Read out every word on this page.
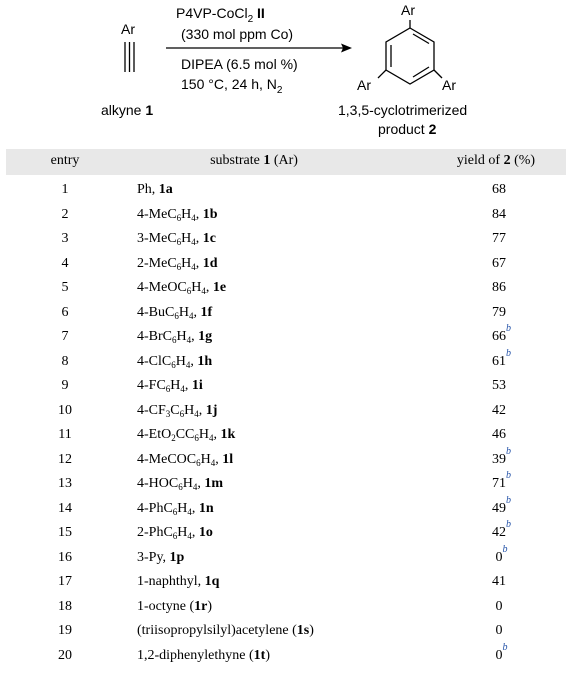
Ar
alkyne 1
P4VP-CoCl$_2$ II
(330 mol ppm Co)
DIPEA (6.5 mol %)
150 °C, 24 h, $N_2$
Ar
Ar	Ar
1,3,5-cyclotrimerized
product 2
entry	substrate 1 (Ar)	yield of 2 (%)
1	Ph, 1a	68
2	$4-MeC_6H_4$, 1b	84
3	$3-MeC_6H_4$, 1c	77
4	$2-MeC_6H_4$, 1d	67
5	$4-MeOC_6H_4$, 1e	86
6	$4-BuC_6H_4$, 1f	79
7	$4-BrC_6H_4$, 1g	66
b
8	$4-ClC_6H_4$, 1h	61
b
9	$4-FC_6H_4$, 1i	53
10	$4-CF_3C_6H_4$, 1j	42
11	$4-EtO_2CC_6H_4$, 1k	46
12	$4-MeCOC_6H_4$, 1l	39
b
13	$4-HOC_6H_4$, 1m	71
b
14	$4-PhC_6H_4$, 1n	49
b
15	$2-PhC_6H_4$, 1o	42
b
16	3-Py, 1p	0
b
17	1-naphthyl, 1q	41
18	1-octyne (1r)	0
19	(triisopropylsilyl)acetylene (1s)	0
20	1,2-diphenylethyne (1t)	0
b
